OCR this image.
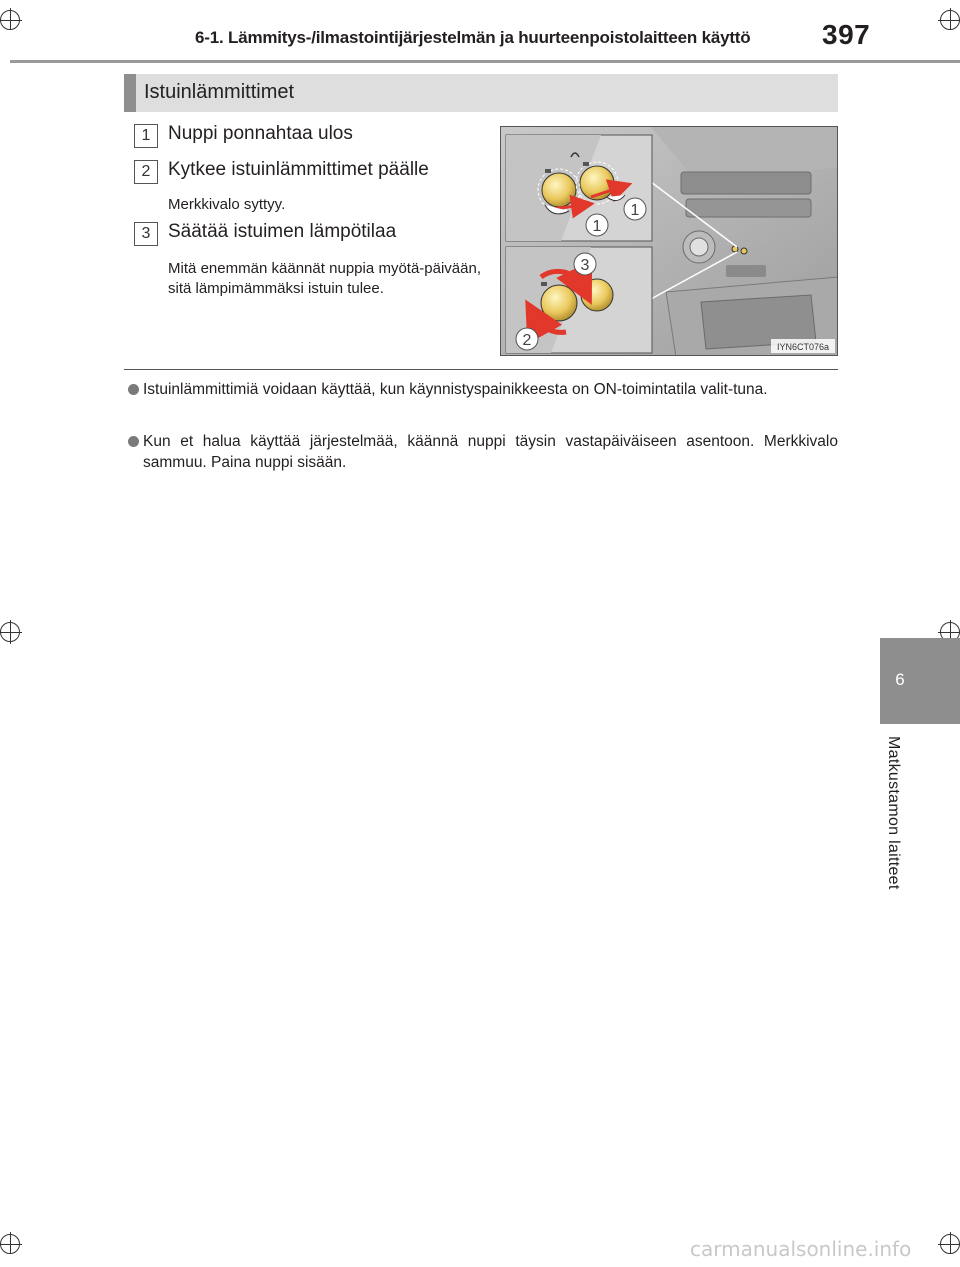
6-1. Lämmitys-/ilmastointijärjestelmän ja huurteenpoistolaitteen käyttö	397
Istuinlämmittimet
1 Nuppi ponnahtaa ulos
2 Kytkee istuinlämmittimet päälle
Merkkivalo syttyy.
3 Säätää istuimen lämpötilaa
Mitä enemmän käännät nuppia myötä-päivään, sitä lämpimämmäksi istuin tulee.
1
1
3
2	IYN6CT076a
Istuinlämmittimiä voidaan käyttää, kun käynnistyspainikkeesta on ON-toimintatila valit-tuna.
Kun et halua käyttää järjestelmää, käännä nuppi täysin vastapäiväiseen asentoon. Merkkivalo sammuu. Paina nuppi sisään.
6
Matkustamon laitteet
carmanualsonline.info
